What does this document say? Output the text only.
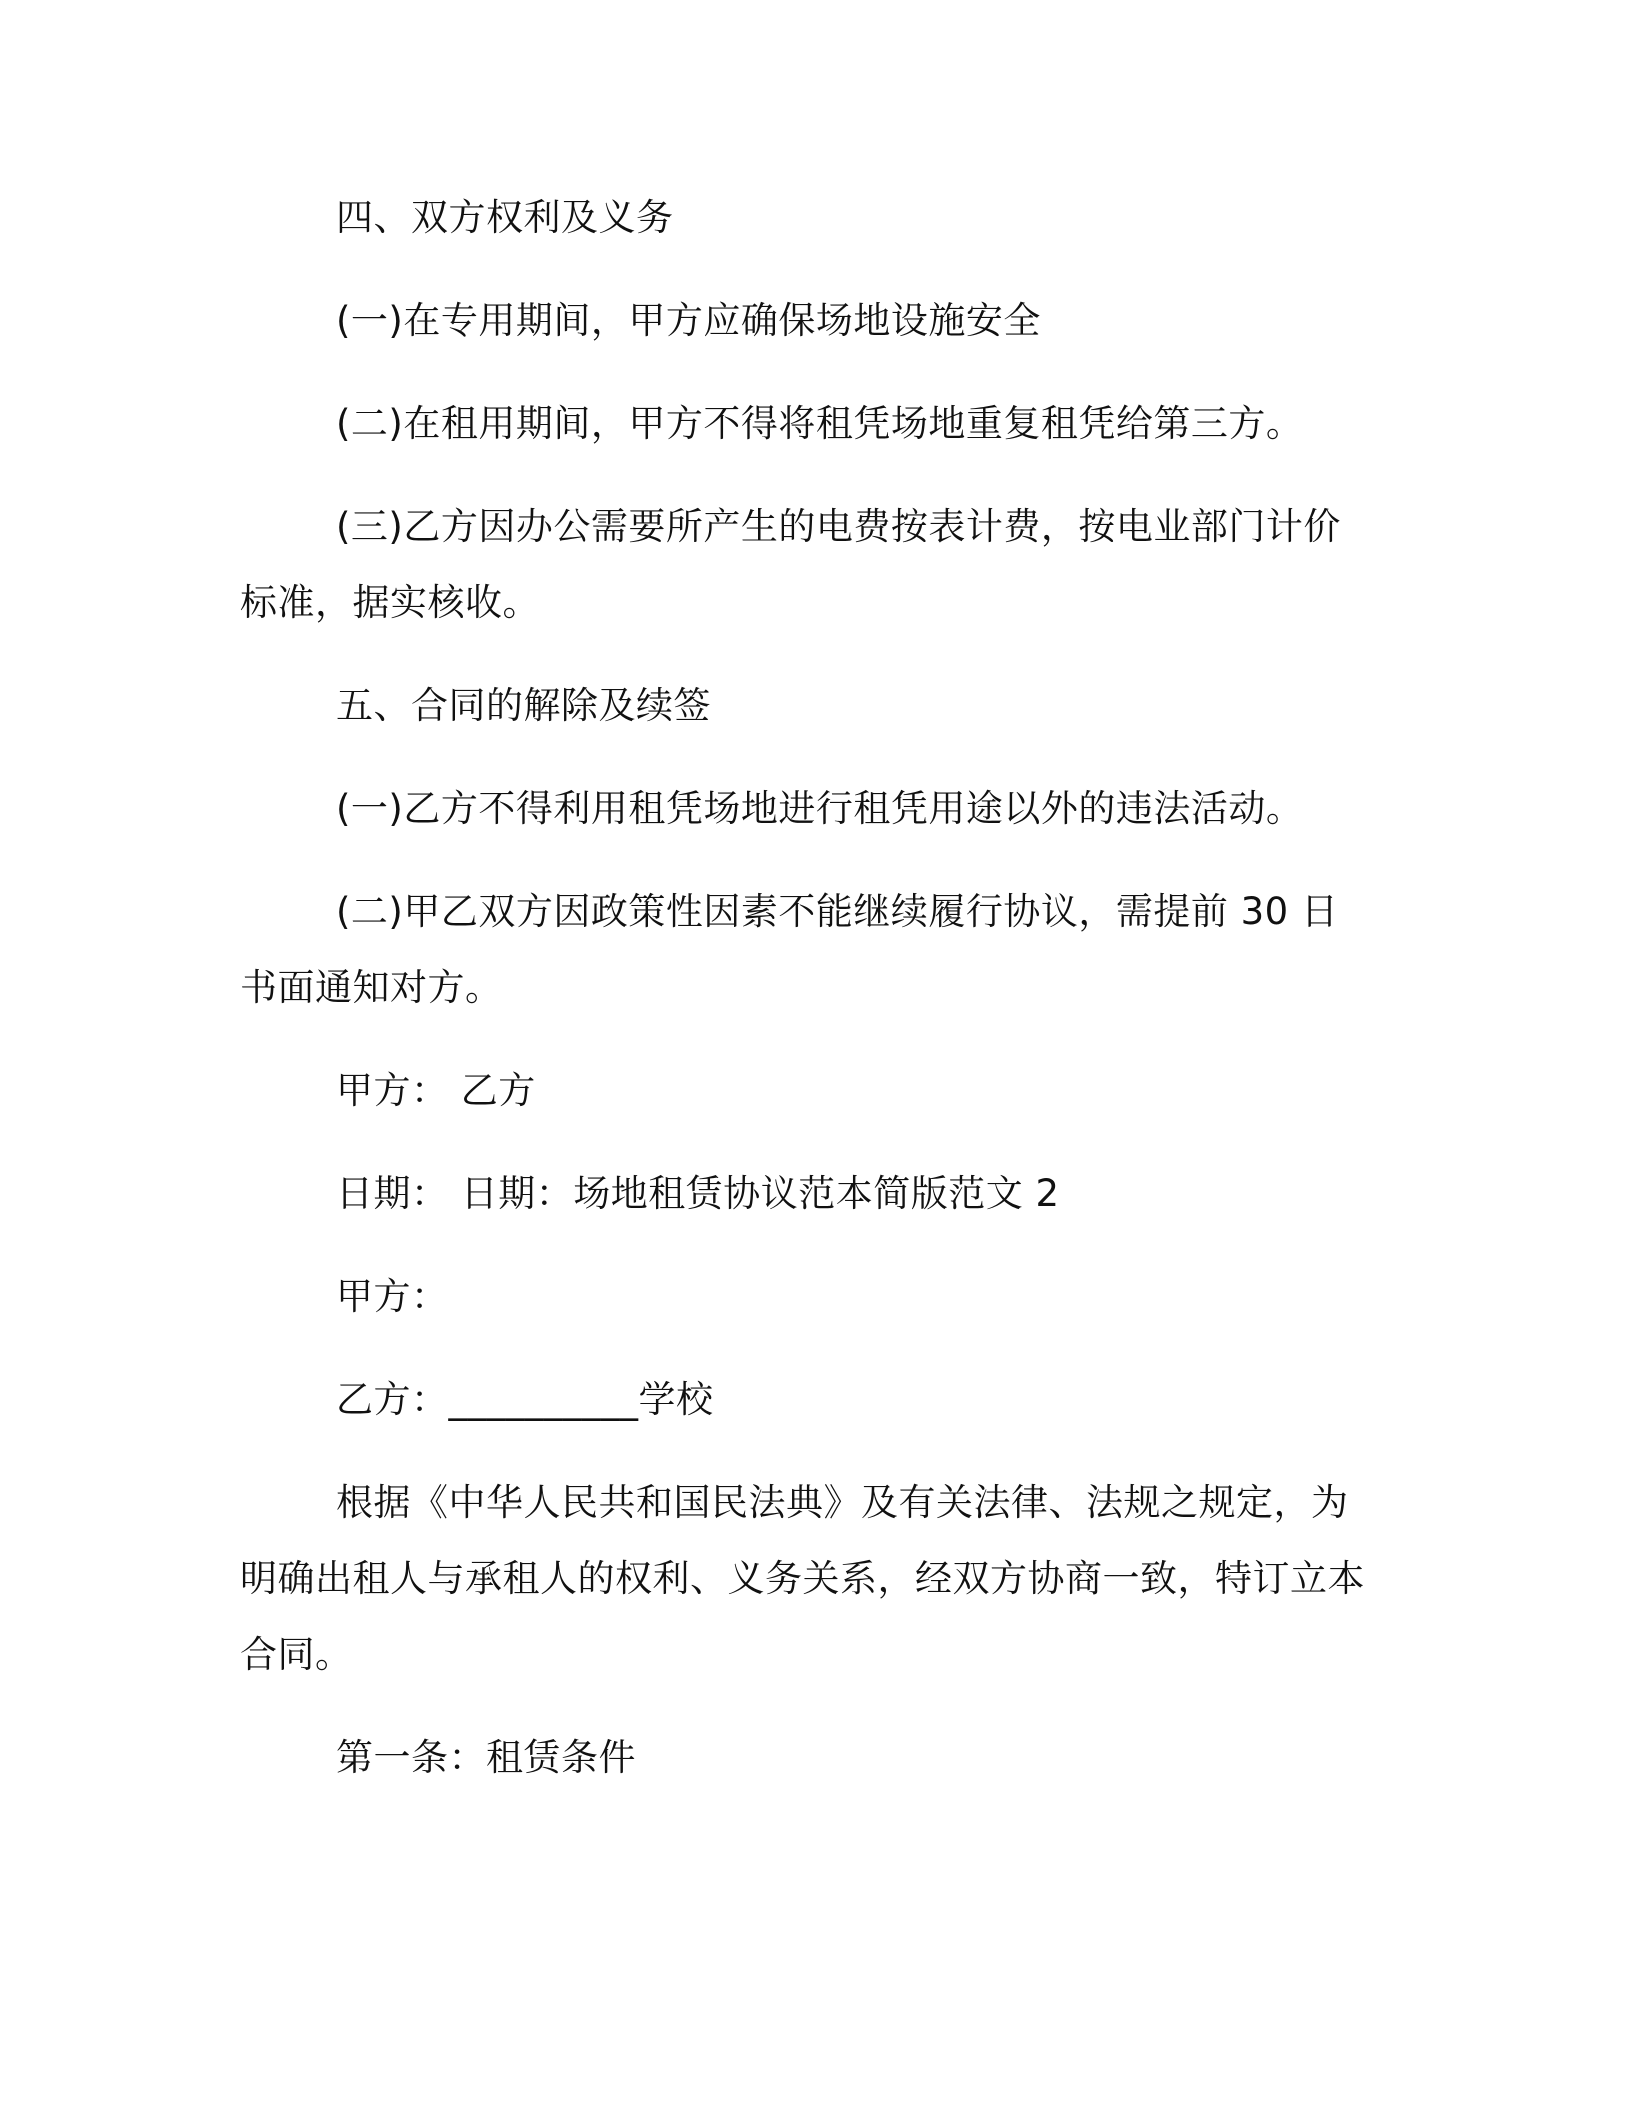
四、双方权利及义务

(一)在专用期间，甲方应确保场地设施安全

(二)在租用期间，甲方不得将租凭场地重复租凭给第三方。

(三)乙方因办公需要所产生的电费按表计费，按电业部门计价标准，据实核收。

五、合同的解除及续签

(一)乙方不得利用租凭场地进行租凭用途以外的违法活动。

(二)甲乙双方因政策性因素不能继续履行协议，需提前 30 日书面通知对方。

甲方： 乙方

日期： 日期：场地租赁协议范本简版范文 2

甲方：

乙方：__________学校

根据《中华人民共和国民法典》及有关法律、法规之规定，为明确出租人与承租人的权利、义务关系，经双方协商一致，特订立本合同。

第一条：租赁条件
